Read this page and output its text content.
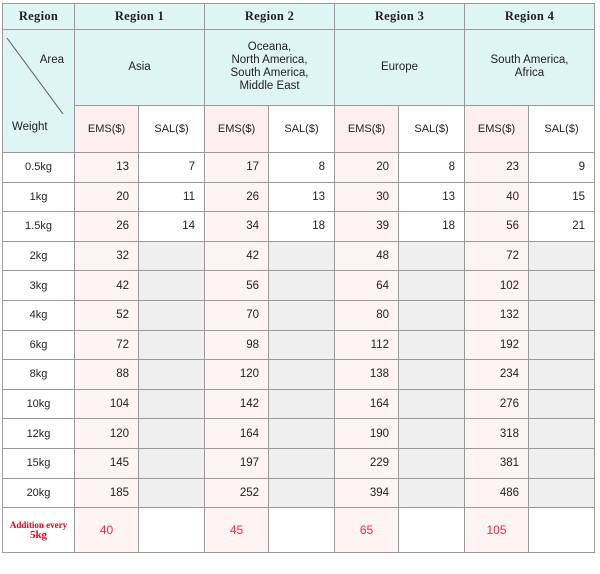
Region	Region 1		Region 2		Region 3		Region 4	

Area
Weight	Asia		Oceana,
North America,
South America,
Middle East		Europe		South America,
Africa	
	EMS($)	SAL($)	EMS($)	SAL($)	EMS($)	SAL($)	EMS($)	SAL($)
0.5kg	13	7	17	8	20	8	23	9
1kg	20	11	26	13	30	13	40	15
1.5kg	26	14	34	18	39	18	56	21
2kg	32		42		48		72	
3kg	42		56		64		102	
4kg	52		70		80		132	
6kg	72		98		112		192	
8kg	88		120		138		234	
10kg	104		142		164		276	
12kg	120		164		190		318	
15kg	145		197		229		381	
20kg	185		252		394		486	

Addition every
5kg	40		45		65		105	
